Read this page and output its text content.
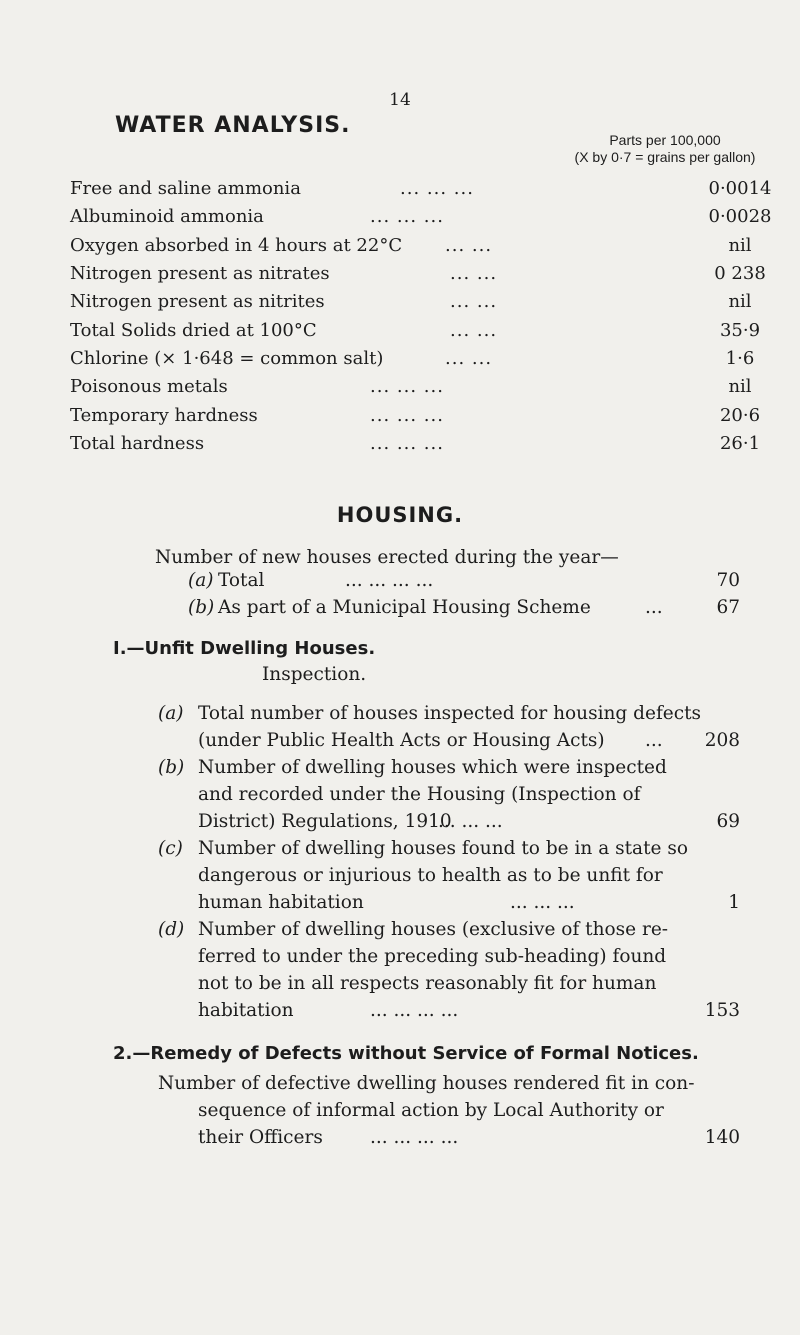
14
WATER ANALYSIS.
Parts per 100,000
(X by 0·7 = grains per gallon)
Free and saline ammonia	... ... ...	0·0014
Albuminoid ammonia	... ... ...	0·0028
Oxygen absorbed in 4 hours at 22°C ... ...	nil
Nitrogen present as nitrates	... ...	0 238
Nitrogen present as nitrites	... ...	nil
Total Solids dried at 100°C	... ...	35·9
Chlorine (× 1·648 = common salt)	... ...	1·6
Poisonous metals	... ... ...	nil
Temporary hardness	... ... ...	20·6
Total hardness	... ... ...	26·1
HOUSING.
Number of new houses erected during the year—
(a) Total	... ... ... ...	70
(b) As part of a Municipal Housing Scheme	...	67
I.—Unfit Dwelling Houses.
Inspection.
(a) Total number of houses inspected for housing defects
(under Public Health Acts or Housing Acts) ...	208
(b) Number of dwelling houses which were inspected
and recorded under the Housing (Inspection of
District) Regulations, 1910
... ... ...	69
(c) Number of dwelling houses found to be in a state so
dangerous or injurious to health as to be unfit for
human habitation	... ... ...	1
(d) Number of dwelling houses (exclusive of those re-
ferred to under the preceding sub-heading) found
not to be in all respects reasonably fit for human
habitation	... ... ... ...	153
2.—Remedy of Defects without Service of Formal Notices.
Number of defective dwelling houses rendered fit in con-
sequence of informal action by Local Authority or
their Officers	... ... ... ...	140
